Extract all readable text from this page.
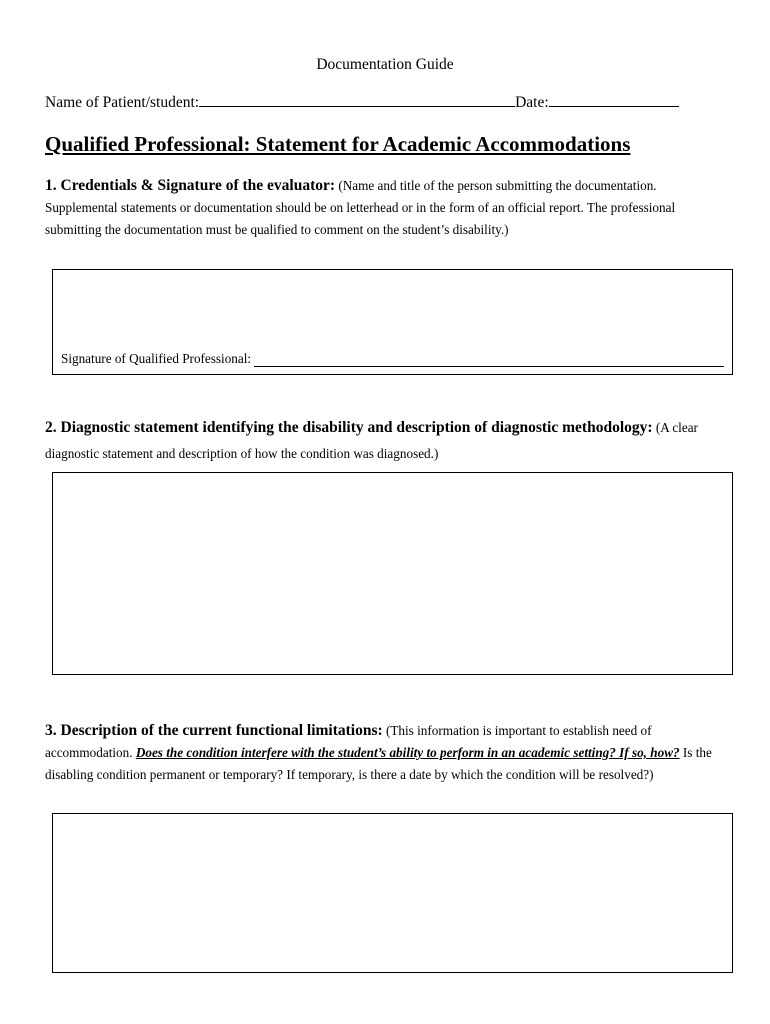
Documentation Guide
Name of Patient/student:	Date:
Qualified Professional: Statement for Academic Accommodations
1. Credentials & Signature of the evaluator: (Name and title of the person submitting the documentation. Supplemental statements or documentation should be on letterhead or in the form of an official report. The professional submitting the documentation must be qualified to comment on the student’s disability.)
Signature of Qualified Professional:
2. Diagnostic statement identifying the disability and description of diagnostic methodology: (A clear diagnostic statement and description of how the condition was diagnosed.)
3. Description of the current functional limitations: (This information is important to establish need of accommodation. Does the condition interfere with the student’s ability to perform in an academic setting? If so, how? Is the disabling condition permanent or temporary? If temporary, is there a date by which the condition will be resolved?)
